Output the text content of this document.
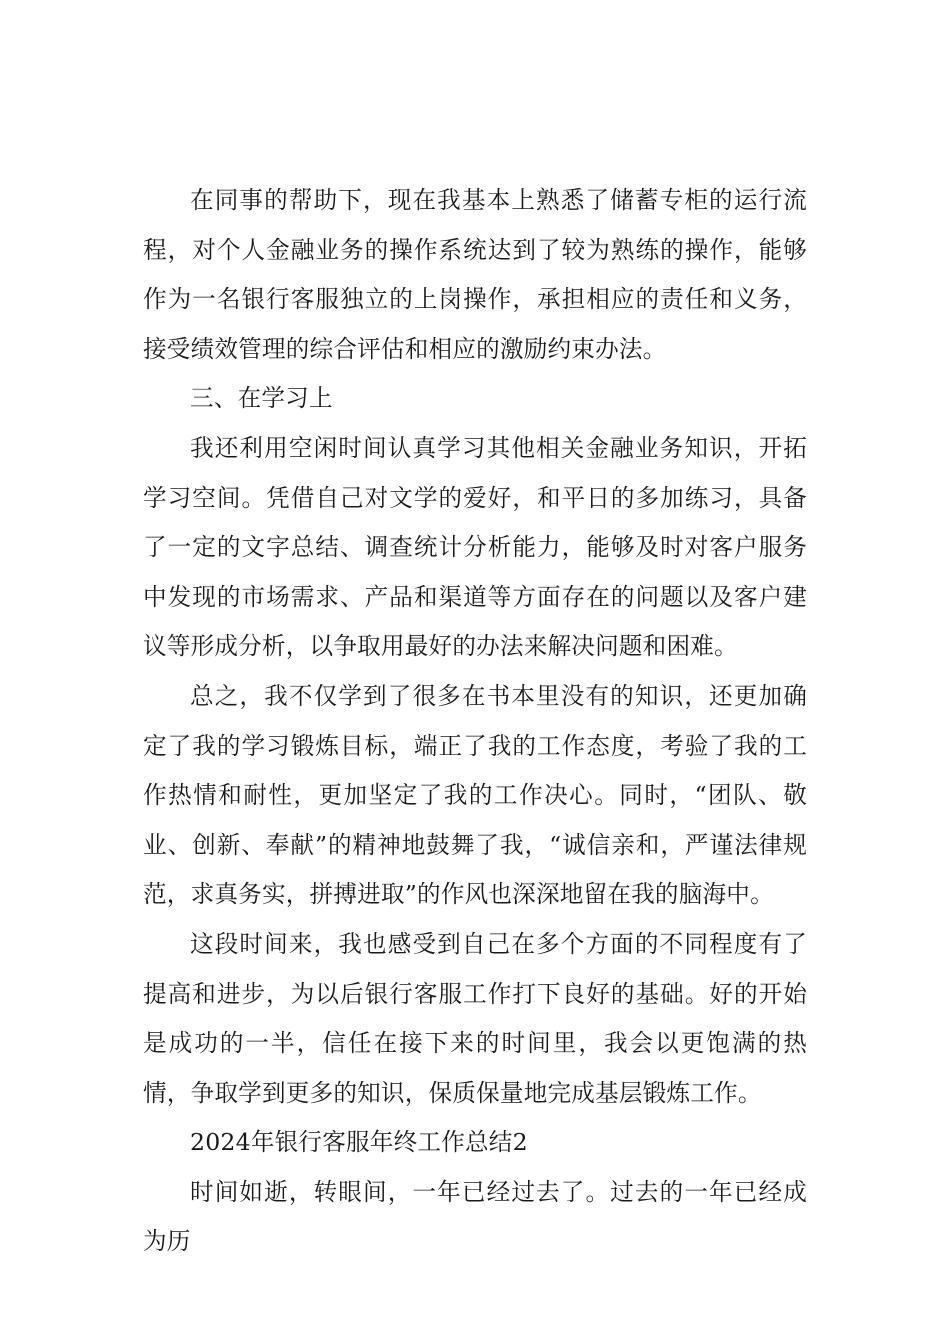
在同事的帮助下，现在我基本上熟悉了储蓄专柜的运行流程，对个人金融业务的操作系统达到了较为熟练的操作，能够作为一名银行客服独立的上岗操作，承担相应的责任和义务，接受绩效管理的综合评估和相应的激励约束办法。

三、在学习上

我还利用空闲时间认真学习其他相关金融业务知识，开拓学习空间。凭借自己对文学的爱好，和平日的多加练习，具备了一定的文字总结、调查统计分析能力，能够及时对客户服务中发现的市场需求、产品和渠道等方面存在的问题以及客户建议等形成分析，以争取用最好的办法来解决问题和困难。

总之，我不仅学到了很多在书本里没有的知识，还更加确定了我的学习锻炼目标，端正了我的工作态度，考验了我的工作热情和耐性，更加坚定了我的工作决心。同时，“团队、敬业、创新、奉献”的精神地鼓舞了我，“诚信亲和，严谨法律规范，求真务实，拼搏进取”的作风也深深地留在我的脑海中。

这段时间来，我也感受到自己在多个方面的不同程度有了提高和进步，为以后银行客服工作打下良好的基础。好的开始是成功的一半，信任在接下来的时间里，我会以更饱满的热情，争取学到更多的知识，保质保量地完成基层锻炼工作。

2024年银行客服年终工作总结2

时间如逝，转眼间，一年已经过去了。过去的一年已经成为历
